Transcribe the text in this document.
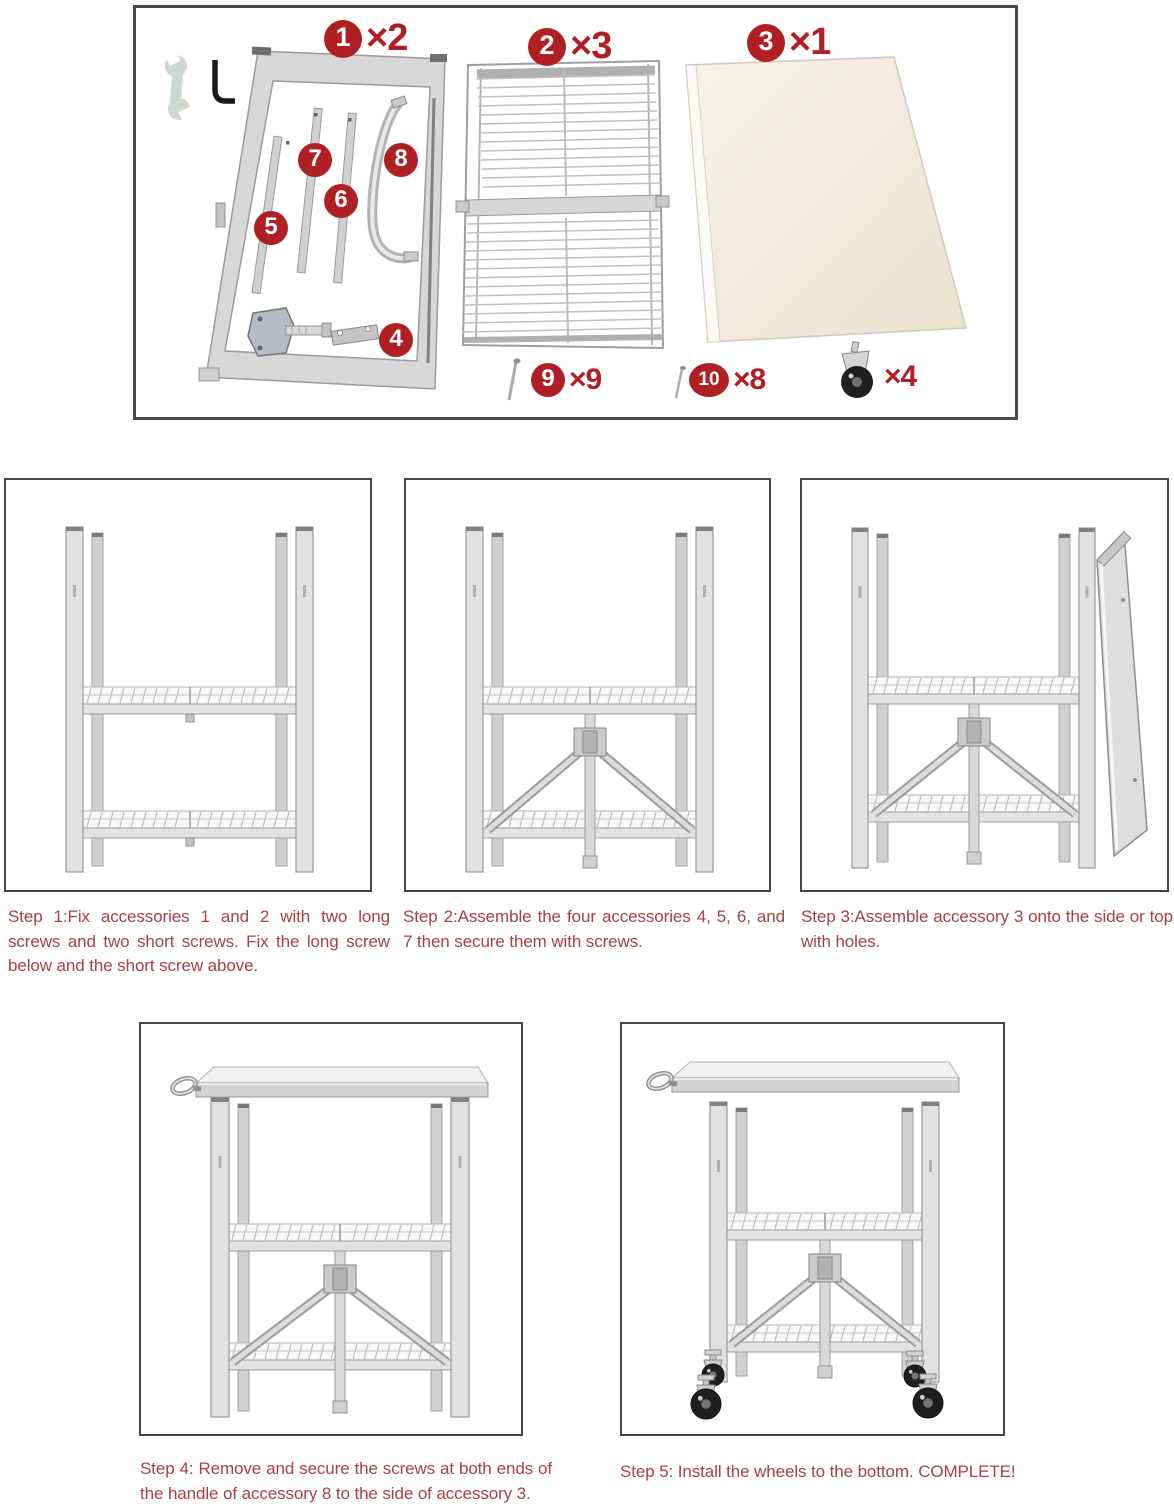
1 ×2	2 ×3	3 ×1
4
5
6
7	8
9 ×9	10 ×8	×4
Step 1:Fix accessories 1 and 2 with two long screws and two short screws. Fix the long screw below and the short screw above.
Step 2:Assemble the four accessories 4, 5, 6, and 7 then secure them with screws.
Step 3:Assemble accessory 3 onto the side or top with holes.
Step 4: Remove and secure the screws at both ends of the handle of accessory 8 to the side of accessory 3.
Step 5: Install the wheels to the bottom. COMPLETE!
